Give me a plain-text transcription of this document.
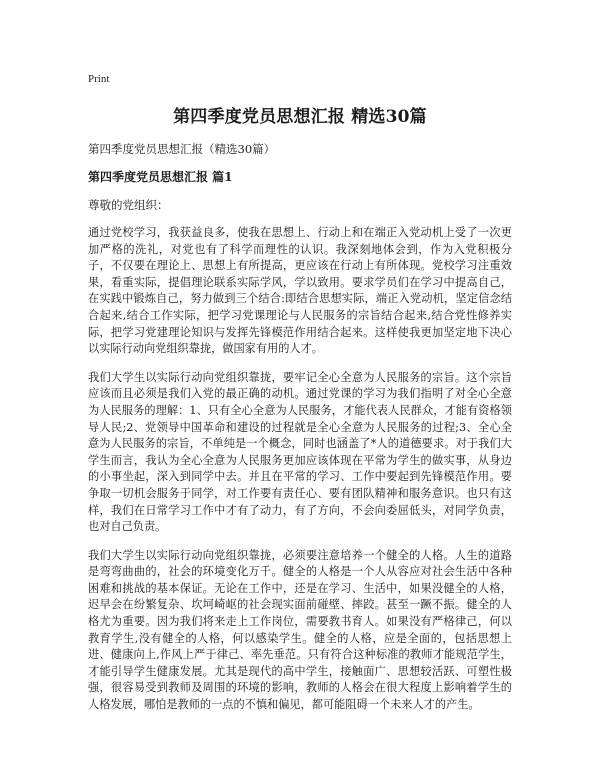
Print
第四季度党员思想汇报 精选30篇
第四季度党员思想汇报（精选30篇）
第四季度党员思想汇报 篇1
尊敬的党组织：

通过党校学习，我获益良多，使我在思想上、行动上和在端正入党动机上受了一次更加严格的洗礼，对党也有了科学而理性的认识。我深刻地体会到，作为入党积极分子，不仅要在理论上、思想上有所提高，更应该在行动上有所体现。党校学习注重效果，看重实际，提倡理论联系实际学风，学以致用。要求学员们在学习中提高自己，在实践中锻炼自己，努力做到三个结合:即结合思想实际，端正入党动机，坚定信念结合起来,结合工作实际，把学习党课理论与人民服务的宗旨结合起来,结合党性修养实际，把学习党建理论知识与发挥先锋模范作用结合起来。这样使我更加坚定地下决心以实际行动向党组织靠拢，做国家有用的人才。

我们大学生以实际行动向党组织靠拢，要牢记全心全意为人民服务的宗旨。这个宗旨应该而且必须是我们入党的最正确的动机。通过党课的学习为我们指明了对全心全意为人民服务的理解：1、只有全心全意为人民服务，才能代表人民群众，才能有资格领导人民;2、党领导中国革命和建设的过程就是全心全意为人民服务的过程;3、全心全意为人民服务的宗旨，不单纯是一个概念，同时也涵盖了*人的道德要求。对于我们大学生而言，我认为全心全意为人民服务更加应该体现在平常为学生的做实事，从身边的小事坐起，深入到同学中去。并且在平常的学习、工作中要起到先锋模范作用。要争取一切机会服务于同学，对工作要有责任心、要有团队精神和服务意识。也只有这样，我们在日常学习工作中才有了动力，有了方向，不会向委屈低头，对同学负责，也对自己负责。

我们大学生以实际行动向党组织靠拢，必须要注意培养一个健全的人格。人生的道路是弯弯曲曲的，社会的环境变化万千。健全的人格是一个人从容应对社会生活中各种困难和挑战的基本保证。无论在工作中，还是在学习、生活中，如果没健全的人格，迟早会在纷繁复杂、坎坷崎岖的社会现实面前碰壁、摔跤。甚至一蹶不振。健全的人格尤为重要。因为我们将来走上工作岗位，需要教书育人。如果没有严格律己，何以教育学生,没有健全的人格，何以感染学生。健全的人格，应是全面的，包括思想上进、健康向上,作风上严于律己、率先垂范。只有符合这种标准的教师才能规范学生，才能引导学生健康发展。尤其是现代的高中学生，接触面广、思想较活跃、可塑性极强，很容易受到教师及周围的环境的影响，教师的人格会在很大程度上影响着学生的人格发展，哪怕是教师的一点的不慎和偏见，都可能阻碍一个未来人才的产生。
